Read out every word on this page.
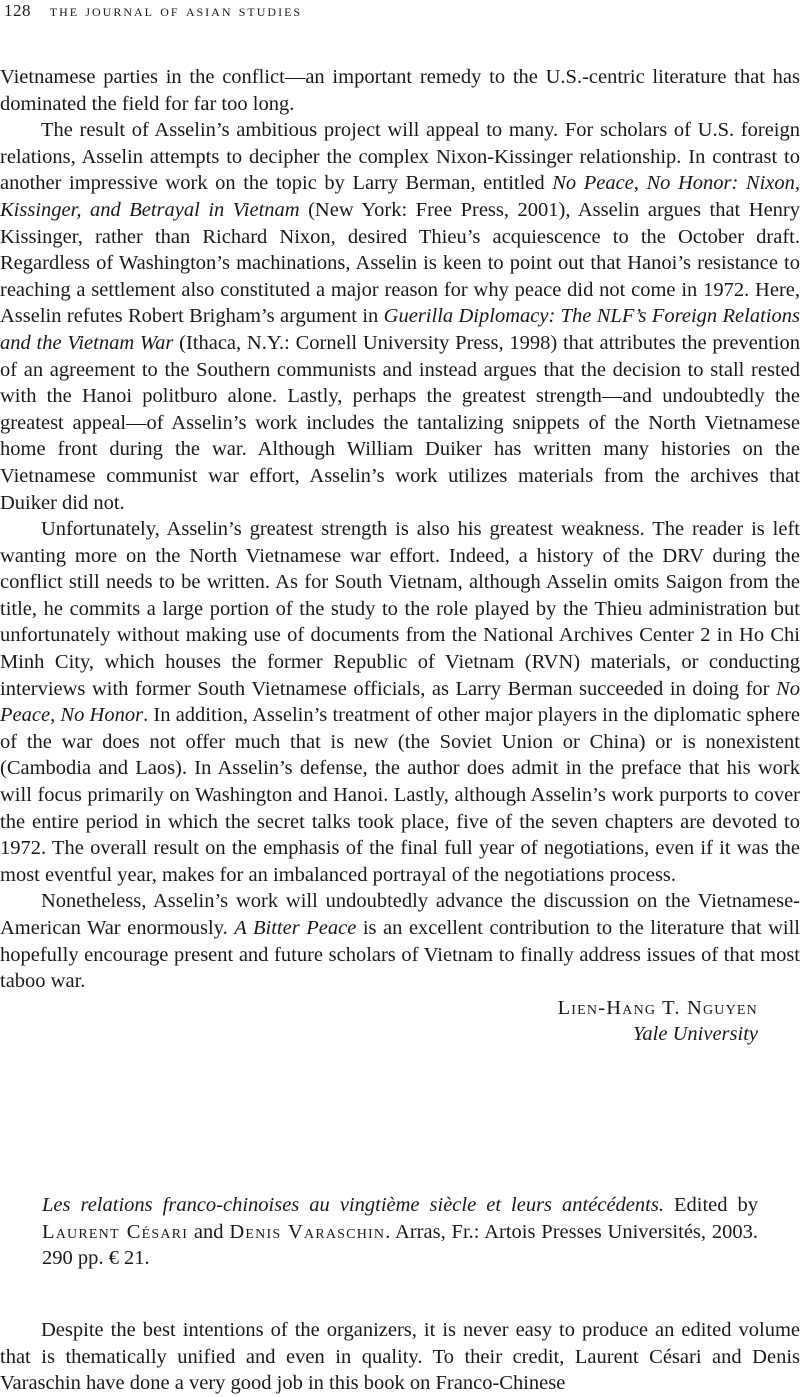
128 the journal of asian studies

Vietnamese parties in the conflict—an important remedy to the U.S.-centric literature that has dominated the field for far too long.

The result of Asselin’s ambitious project will appeal to many. For scholars of U.S. foreign relations, Asselin attempts to decipher the complex Nixon-Kissinger relationship. In contrast to another impressive work on the topic by Larry Berman, entitled No Peace, No Honor: Nixon, Kissinger, and Betrayal in Vietnam (New York: Free Press, 2001), Asselin argues that Henry Kissinger, rather than Richard Nixon, desired Thieu’s acquiescence to the October draft. Regardless of Washington’s machinations, Asselin is keen to point out that Hanoi’s resistance to reaching a settlement also constituted a major reason for why peace did not come in 1972. Here, Asselin refutes Robert Brigham’s argument in Guerilla Diplomacy: The NLF’s Foreign Relations and the Vietnam War (Ithaca, N.Y.: Cornell University Press, 1998) that attributes the prevention of an agreement to the Southern communists and instead argues that the decision to stall rested with the Hanoi politburo alone. Lastly, perhaps the greatest strength—and undoubtedly the greatest appeal—of Asselin’s work includes the tantalizing snippets of the North Vietnamese home front during the war. Although William Duiker has written many histories on the Vietnamese communist war effort, Asselin’s work utilizes materials from the archives that Duiker did not.

Unfortunately, Asselin’s greatest strength is also his greatest weakness. The reader is left wanting more on the North Vietnamese war effort. Indeed, a history of the DRV during the conflict still needs to be written. As for South Vietnam, although Asselin omits Saigon from the title, he commits a large portion of the study to the role played by the Thieu administration but unfortunately without making use of documents from the National Archives Center 2 in Ho Chi Minh City, which houses the former Republic of Vietnam (RVN) materials, or conducting interviews with former South Vietnamese officials, as Larry Berman succeeded in doing for No Peace, No Honor. In addition, Asselin’s treatment of other major players in the diplomatic sphere of the war does not offer much that is new (the Soviet Union or China) or is nonexistent (Cambodia and Laos). In Asselin’s defense, the author does admit in the preface that his work will focus primarily on Washington and Hanoi. Lastly, although Asselin’s work purports to cover the entire period in which the secret talks took place, five of the seven chapters are devoted to 1972. The overall result on the emphasis of the final full year of negotiations, even if it was the most eventful year, makes for an imbalanced portrayal of the negotiations process.

Nonetheless, Asselin’s work will undoubtedly advance the discussion on the Vietnamese-American War enormously. A Bitter Peace is an excellent contribution to the literature that will hopefully encourage present and future scholars of Vietnam to finally address issues of that most taboo war.

Lien-Hang T. Nguyen
Yale University
Les relations franco-chinoises au vingtième siècle et leurs antécédents. Edited by Laurent Césari and Denis Varaschin. Arras, Fr.: Artois Presses Universités, 2003. 290 pp. € 21.
Despite the best intentions of the organizers, it is never easy to produce an edited volume that is thematically unified and even in quality. To their credit, Laurent Césari and Denis Varaschin have done a very good job in this book on Franco-Chinese
